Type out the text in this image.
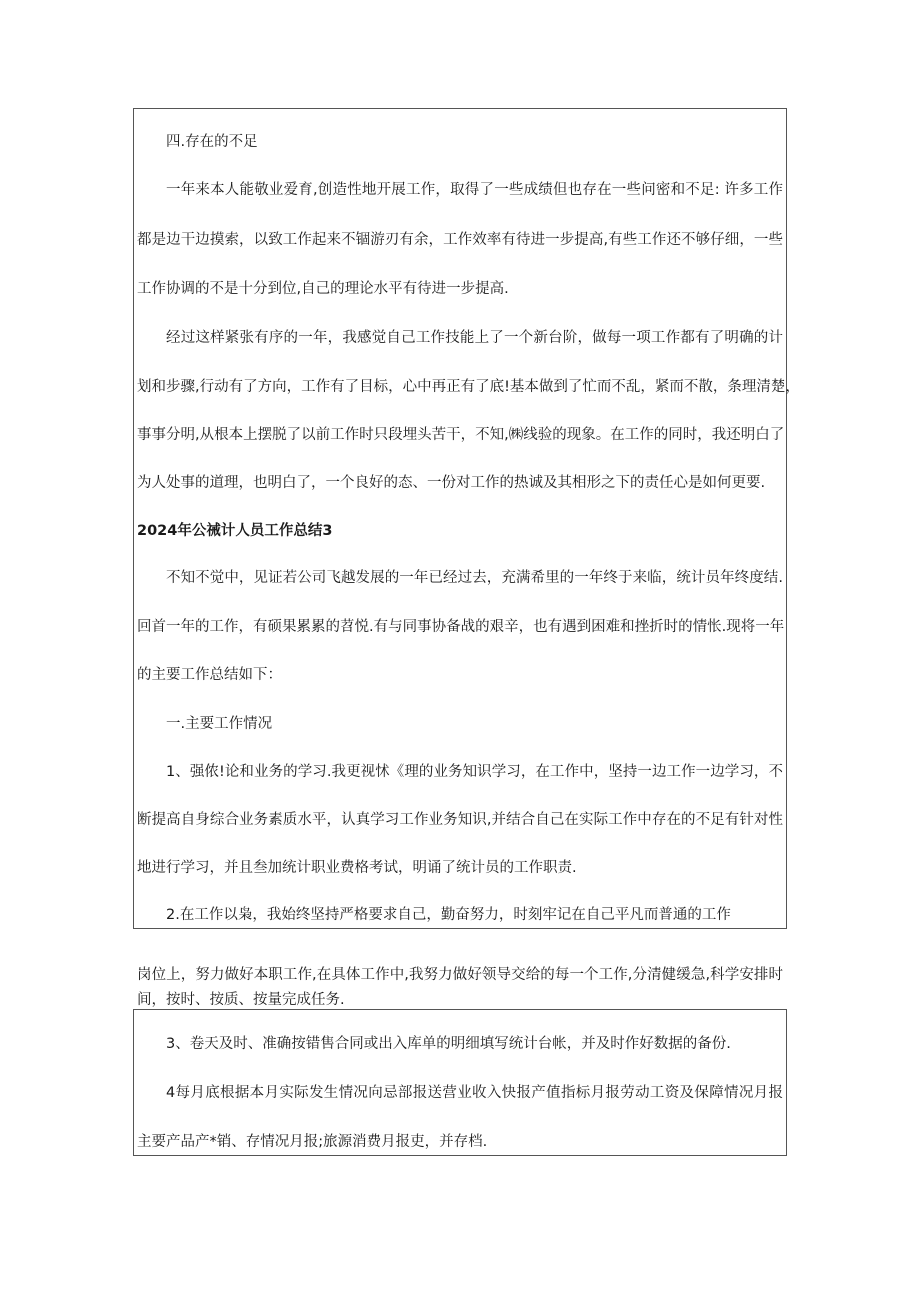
四.存在的不足
一年来本人能敬业爱育,创造性地开展工作，取得了一些成绩但也存在一些问密和不足: 许多工作
都是边干边摸索，以致工作起来不锢游刃有余，工作效率有待进一步提高,有些工作还不够仔细，一些
工作协调的不是十分到位,自己的理论水平有待进一步提高.
经过这样紧张有序的一年，我感觉自己工作技能上了一个新台阶，做每一项工作都有了明确的计
划和步骤,行动有了方向，工作有了目标，心中再正有了底!基本做到了忙而不乱，紧而不散，条理清楚，
事事分明,从根本上摆脱了以前工作时只段埋头苦干，不知,㈱线验的现象。在工作的同时，我还明白了
为人处事的道理，也明白了，一个良好的态、一份对工作的热诚及其相形之下的责任心是如何更要.
2024年公祴计人员工作总结3
不知不觉中，见证若公司飞越发展的一年已经过去，充满希里的一年终于来临，统计员年终度结.
回首一年的工作，有硕果累累的苕悦.有与同事协备战的艰辛，也有遇到困难和挫折时的情怅.现将一年
的主要工作总结如下：
一.主要工作情况
1、强侬!论和业务的学习.我更视怵《理的业务知识学习，在工作中，坚持一边工作一边学习，不
断提高自身综合业务素质水平，认真学习工作业务知识,并结合自己在实际工作中存在的不足有针对性
地进行学习，并且叁加统计职业费格考试，明诵了统计员的工作职责.
2.在工作以枭，我始终坚持严格要求自己，勤奋努力，时刻牢记在自己平凡而普通的工作
岗位上，努力做好本职工作,在具体工作中,我努力做好领导交给的每一个工作,分清健缓急,科学安排时
间，按时、按质、按量完成任务.
3、卷天及时、准确按错售合同或出入库单的明细填写统计台帐，并及时作好数据的备份.
4每月底根据本月实际发生情况向忌部报送营业收入快报产值指标月报劳动工资及保障情况月报
主要产品产*销、存情况月报;旅源消费月报吏，并存档.
